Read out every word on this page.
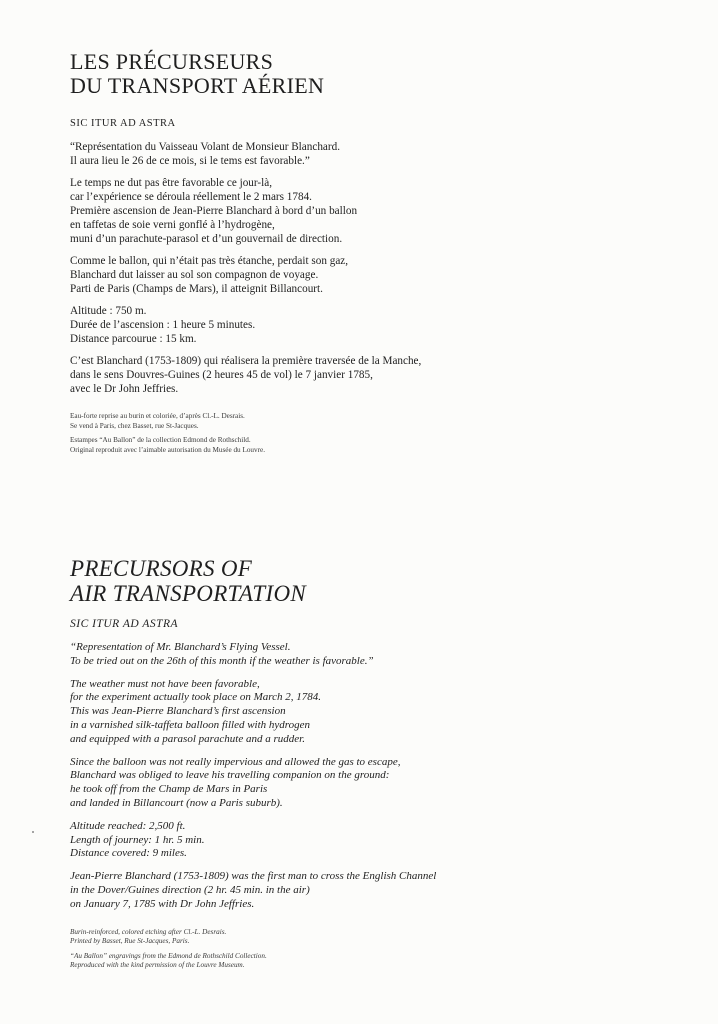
LES PRÉCURSEURS
DU TRANSPORT AÉRIEN
SIC ITUR AD ASTRA

“Représentation du Vaisseau Volant de Monsieur Blanchard.
Il aura lieu le 26 de ce mois, si le tems est favorable.”

Le temps ne dut pas être favorable ce jour-là,
car l’expérience se déroula réellement le 2 mars 1784.
Première ascension de Jean-Pierre Blanchard à bord d’un ballon
en taffetas de soie verni gonflé à l’hydrogène,
muni d’un parachute-parasol et d’un gouvernail de direction.

Comme le ballon, qui n’était pas très étanche, perdait son gaz,
Blanchard dut laisser au sol son compagnon de voyage.
Parti de Paris (Champs de Mars), il atteignit Billancourt.

Altitude : 750 m.
Durée de l’ascension : 1 heure 5 minutes.
Distance parcourue : 15 km.

C’est Blanchard (1753-1809) qui réalisera la première traversée de la Manche,
dans le sens Douvres-Guines (2 heures 45 de vol) le 7 janvier 1785,
avec le Dr John Jeffries.

Eau-forte reprise au burin et coloriée, d’après Cl.-L. Desrais.
Se vend à Paris, chez Basset, rue St-Jacques.

Estampes “Au Ballon” de la collection Edmond de Rothschild.
Original reproduit avec l’aimable autorisation du Musée du Louvre.

PRECURSORS OF
AIR TRANSPORTATION
SIC ITUR AD ASTRA

“Representation of Mr. Blanchard’s Flying Vessel.
To be tried out on the 26th of this month if the weather is favorable.”

The weather must not have been favorable,
for the experiment actually took place on March 2, 1784.
This was Jean-Pierre Blanchard’s first ascension
in a varnished silk-taffeta balloon filled with hydrogen
and equipped with a parasol parachute and a rudder.

Since the balloon was not really impervious and allowed the gas to escape,
Blanchard was obliged to leave his travelling companion on the ground:
he took off from the Champ de Mars in Paris
and landed in Billancourt (now a Paris suburb).

Altitude reached: 2,500 ft.
Length of journey: 1 hr. 5 min.
Distance covered: 9 miles.

Jean-Pierre Blanchard (1753-1809) was the first man to cross the English Channel
in the Dover/Guines direction (2 hr. 45 min. in the air)
on January 7, 1785 with Dr John Jeffries.

Burin-reinforced, colored etching after Cl.-L. Desrais.
Printed by Basset, Rue St-Jacques, Paris.

“Au Ballon” engravings from the Edmond de Rothschild Collection.
Reproduced with the kind permission of the Louvre Museum.
